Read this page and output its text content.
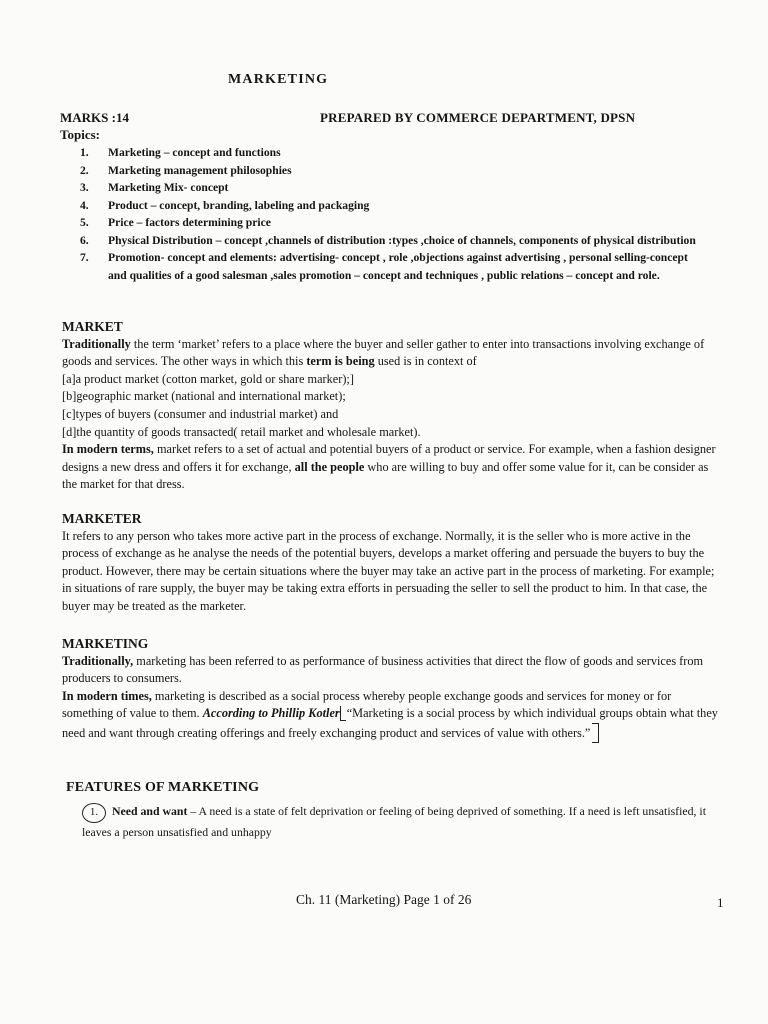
MARKETING
MARKS :14	PREPARED BY COMMERCE DEPARTMENT, DPSN
Topics:
1.	Marketing – concept and functions
2.	Marketing management philosophies
3.	Marketing Mix- concept
4.	Product – concept, branding, labeling and packaging
5.	Price – factors determining price
6.	Physical Distribution – concept ,channels of distribution :types ,choice of channels, components of physical distribution
7.	Promotion- concept and elements: advertising- concept , role ,objections against advertising , personal selling-concept and qualities of a good salesman ,sales promotion – concept and techniques , public relations – concept and role.
MARKET

Traditionally the term ‘market’ refers to a place where the buyer and seller gather to enter into transactions involving exchange of goods and services. The other ways in which this term is being used is in context of

[a]a product market (cotton market, gold or share marker);]

[b]geographic market (national and international market);

[c]types of buyers (consumer and industrial market) and

[d]the quantity of goods transacted( retail market and wholesale market).

In modern terms, market refers to a set of actual and potential buyers of a product or service. For example, when a fashion designer designs a new dress and offers it for exchange, all the people who are willing to buy and offer some value for it, can be consider as the market for that dress.

MARKETER

It refers to any person who takes more active part in the process of exchange. Normally, it is the seller who is more active in the process of exchange as he analyse the needs of the potential buyers, develops a market offering and persuade the buyers to buy the product. However, there may be certain situations where the buyer may take an active part in the process of marketing. For example; in situations of rare supply, the buyer may be taking extra efforts in persuading the seller to sell the product to him. In that case, the buyer may be treated as the marketer.

MARKETING

Traditionally, marketing has been referred to as performance of business activities that direct the flow of goods and services from producers to consumers.

In modern times, marketing is described as a social process whereby people exchange goods and services for money or for something of value to them. According to Phillip Kotler “Marketing is a social process by which individual groups obtain what they need and want through creating offerings and freely exchanging product and services of value with others.”

FEATURES OF MARKETING
1. Need and want – A need is a state of felt deprivation or feeling of being deprived of something. If a need is left unsatisfied, it leaves a person unsatisfied and unhappy
Ch. 11 (Marketing) Page 1 of 26	1
